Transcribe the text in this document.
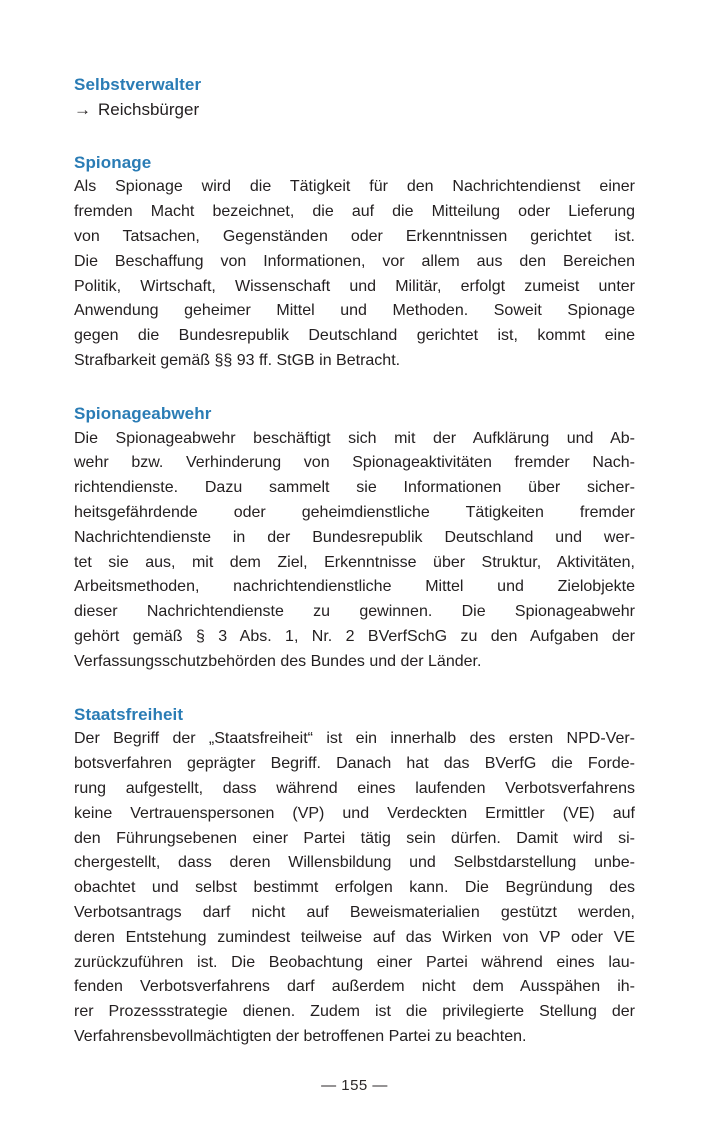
Selbstverwalter
→ Reichsbürger
Spionage
Als Spionage wird die Tätigkeit für den Nachrichtendienst einer
fremden Macht bezeichnet, die auf die Mitteilung oder Lieferung
von Tatsachen, Gegenständen oder Erkenntnissen gerichtet ist.
Die Beschaffung von Informationen, vor allem aus den Bereichen
Politik, Wirtschaft, Wissenschaft und Militär, erfolgt zumeist unter
Anwendung geheimer Mittel und Methoden. Soweit Spionage
gegen die Bundesrepublik Deutschland gerichtet ist, kommt eine
Strafbarkeit gemäß §§ 93 ff. StGB in Betracht.
Spionageabwehr
Die Spionageabwehr beschäftigt sich mit der Aufklärung und Ab-
wehr bzw. Verhinderung von Spionageaktivitäten fremder Nach-
richtendienste. Dazu sammelt sie Informationen über sicher-
heitsgefährdende oder geheimdienstliche Tätigkeiten fremder
Nachrichtendienste in der Bundesrepublik Deutschland und wer-
tet sie aus, mit dem Ziel, Erkenntnisse über Struktur, Aktivitäten,
Arbeitsmethoden, nachrichtendienstliche Mittel und Zielobjekte
dieser Nachrichtendienste zu gewinnen. Die Spionageabwehr
gehört gemäß § 3 Abs. 1, Nr. 2 BVerfSchG zu den Aufgaben der
Verfassungsschutzbehörden des Bundes und der Länder.
Staatsfreiheit
Der Begriff der „Staatsfreiheit“ ist ein innerhalb des ersten NPD-Ver-
botsverfahren geprägter Begriff. Danach hat das BVerfG die Forde-
rung aufgestellt, dass während eines laufenden Verbotsverfahrens
keine Vertrauenspersonen (VP) und Verdeckten Ermittler (VE) auf
den Führungsebenen einer Partei tätig sein dürfen. Damit wird si-
chergestellt, dass deren Willensbildung und Selbstdarstellung unbe-
obachtet und selbst bestimmt erfolgen kann. Die Begründung des
Verbotsantrags darf nicht auf Beweismaterialien gestützt werden,
deren Entstehung zumindest teilweise auf das Wirken von VP oder VE
zurückzuführen ist. Die Beobachtung einer Partei während eines lau-
fenden Verbotsverfahrens darf außerdem nicht dem Ausspähen ih-
rer Prozessstrategie dienen. Zudem ist die privilegierte Stellung der
Verfahrensbevollmächtigten der betroffenen Partei zu beachten.
— 155 —
